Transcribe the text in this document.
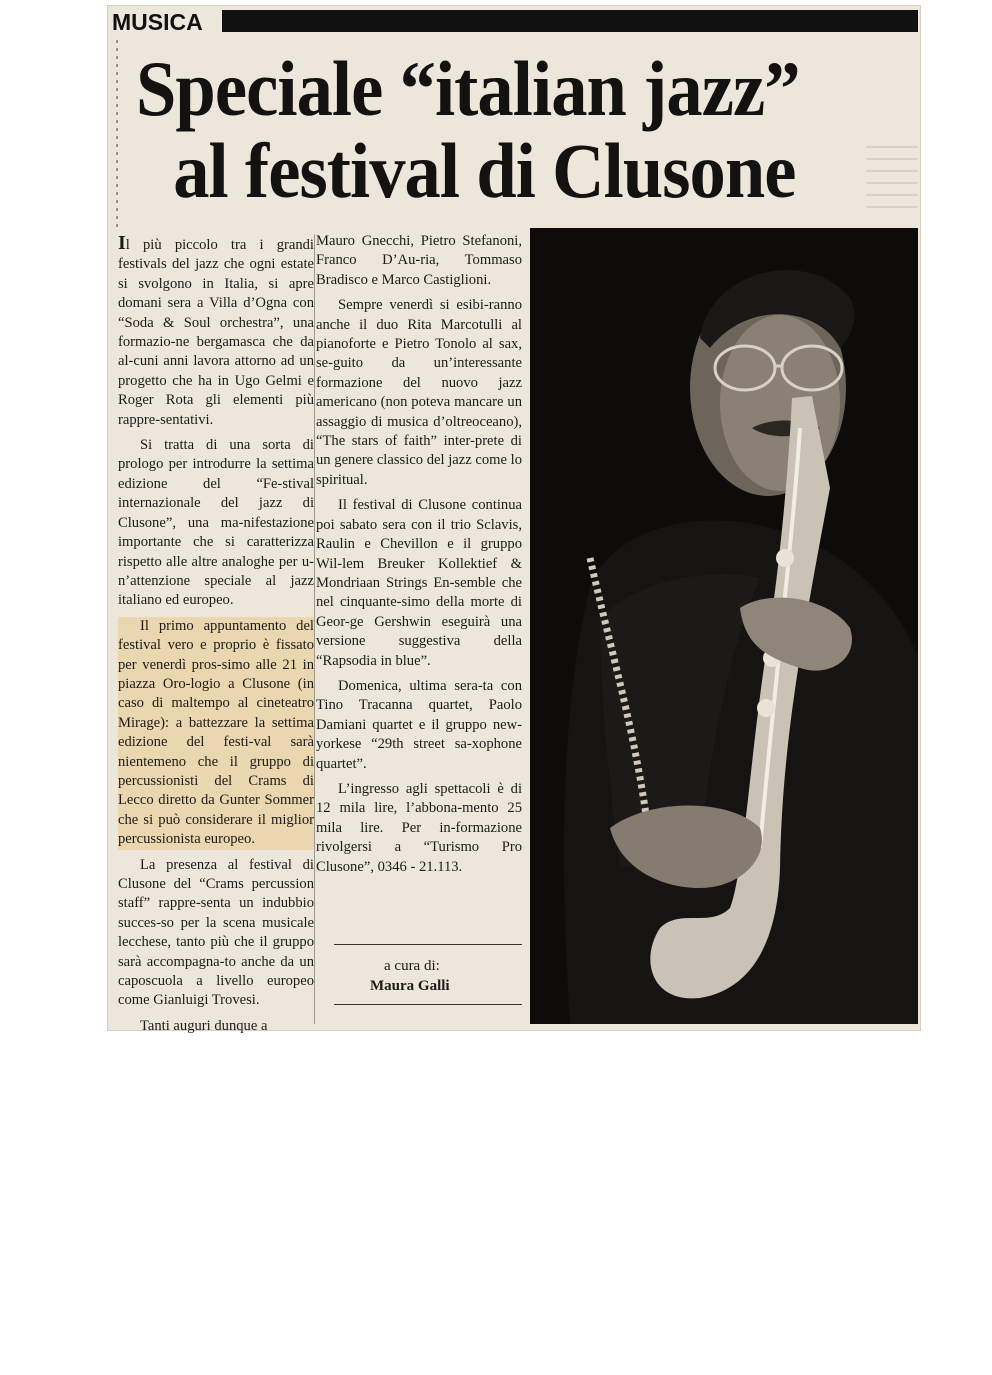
MUSICA
Speciale “italian jazz”
al festival di Clusone

Il più piccolo tra i grandi festivals del jazz che ogni estate si svolgono in Italia, si apre domani sera a Villa d’Ogna con “Soda & Soul orchestra”, una formazio-ne bergamasca che da al-cuni anni lavora attorno ad un progetto che ha in Ugo Gelmi e Roger Rota gli elementi più rappre-sentativi.

Si tratta di una sorta di prologo per introdurre la settima edizione del “Fe-stival internazionale del jazz di Clusone”, una ma-nifestazione importante che si caratterizza rispetto alle altre analoghe per u-n’attenzione speciale al jazz italiano ed europeo.

Il primo appuntamento del festival vero e proprio è fissato per venerdì pros-simo alle 21 in piazza Oro-logio a Clusone (in caso di maltempo al cineteatro Mirage): a battezzare la settima edizione del festi-val sarà nientemeno che il gruppo di percussionisti del Crams di Lecco diretto da Gunter Sommer che si può considerare il miglior percussionista europeo.

La presenza al festival di Clusone del “Crams percussion staff” rappre-senta un indubbio succes-so per la scena musicale lecchese, tanto più che il gruppo sarà accompagna-to anche da un caposcuola a livello europeo come Gianluigi Trovesi.

Tanti auguri dunque a

Mauro Gnecchi, Pietro Stefanoni, Franco D’Au-ria, Tommaso Bradisco e Marco Castiglioni.

Sempre venerdì si esibi-ranno anche il duo Rita Marcotulli al pianoforte e Pietro Tonolo al sax, se-guito da un’interessante formazione del nuovo jazz americano (non poteva mancare un assaggio di musica d’oltreoceano), “The stars of faith” inter-prete di un genere classico del jazz come lo spiritual.

Il festival di Clusone continua poi sabato sera con il trio Sclavis, Raulin e Chevillon e il gruppo Wil-lem Breuker Kollektief & Mondriaan Strings En-semble che nel cinquante-simo della morte di Geor-ge Gershwin eseguirà una versione suggestiva della “Rapsodia in blue”.

Domenica, ultima sera-ta con Tino Tracanna quartet, Paolo Damiani quartet e il gruppo new-yorkese “29th street sa-xophone quartet”.

L’ingresso agli spettacoli è di 12 mila lire, l’abbona-mento 25 mila lire. Per in-formazione rivolgersi a “Turismo Pro Clusone”, 0346 - 21.113.

a cura di:
Maura Galli
